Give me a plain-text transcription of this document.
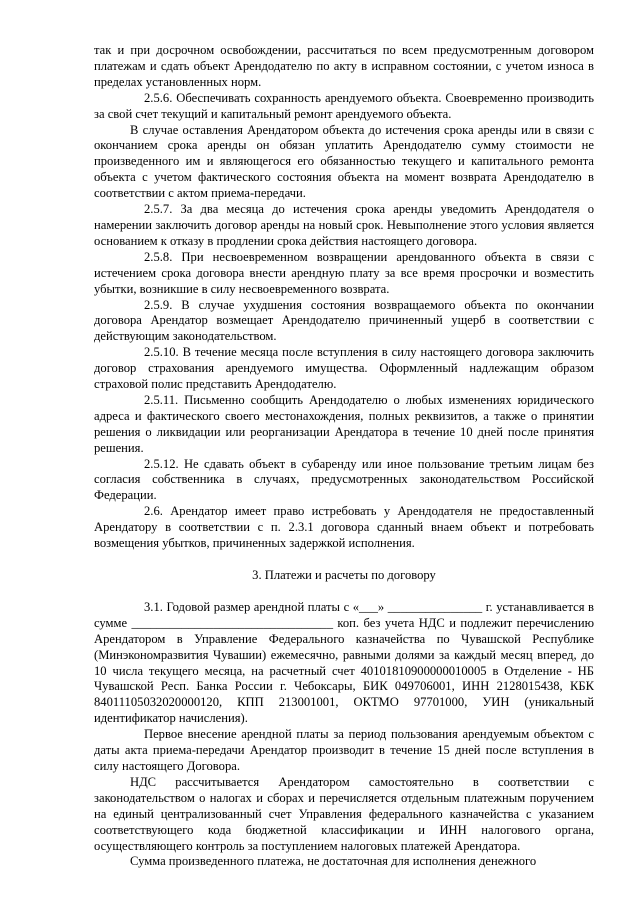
так и при досрочном освобождении, рассчитаться по всем предусмотренным договором платежам и сдать объект Арендодателю по акту в исправном состоянии, с учетом износа в пределах установленных норм.

2.5.6. Обеспечивать сохранность арендуемого объекта. Своевременно производить за свой счет текущий и капитальный ремонт арендуемого объекта.

В случае оставления Арендатором объекта до истечения срока аренды или в связи с окончанием срока аренды он обязан уплатить Арендодателю сумму стоимости не произведенного им и являющегося его обязанностью текущего и капитального ремонта объекта с учетом фактического состояния объекта на момент возврата Арендодателю в соответствии с актом приема-передачи.

2.5.7. За два месяца до истечения срока аренды уведомить Арендодателя о намерении заключить договор аренды на новый срок. Невыполнение этого условия является основанием к отказу в продлении срока действия настоящего договора.

2.5.8. При несвоевременном возвращении арендованного объекта в связи с истечением срока договора внести арендную плату за все время просрочки и возместить убытки, возникшие в силу несвоевременного возврата.

2.5.9. В случае ухудшения состояния возвращаемого объекта по окончании договора Арендатор возмещает Арендодателю причиненный ущерб в соответствии с действующим законодательством.

2.5.10. В течение месяца после вступления в силу настоящего договора заключить договор страхования арендуемого имущества. Оформленный надлежащим образом страховой полис представить Арендодателю.

2.5.11. Письменно сообщить Арендодателю о любых изменениях юридического адреса и фактического своего местонахождения, полных реквизитов, а также о принятии решения о ликвидации или реорганизации Арендатора в течение 10 дней после принятия решения.

2.5.12. Не сдавать объект в субаренду или иное пользование третьим лицам без согласия собственника в случаях, предусмотренных законодательством Российской Федерации.

2.6. Арендатор имеет право истребовать у Арендодателя не предоставленный Арендатору в соответствии с п. 2.3.1 договора сданный внаем объект и потребовать возмещения убытков, причиненных задержкой исполнения.

3. Платежи и расчеты по договору

3.1. Годовой размер арендной платы с «___» _______________ г. устанавливается в сумме ________________________________ коп. без учета НДС и подлежит перечислению Арендатором в Управление Федерального казначейства по Чувашской Республике (Минэкономразвития Чувашии) ежемесячно, равными долями за каждый месяц вперед, до 10 числа текущего месяца, на расчетный счет 40101810900000010005 в Отделение - НБ Чувашской Респ. Банка России г. Чебоксары, БИК 049706001, ИНН 2128015438, КБК 84011105032020000120, КПП 213001001, ОКТМО 97701000, УИН (уникальный идентификатор начисления).

Первое внесение арендной платы за период пользования арендуемым объектом с даты акта приема-передачи Арендатор производит в течение 15 дней после вступления в силу настоящего Договора.

НДС рассчитывается Арендатором самостоятельно в соответствии с законодательством о налогах и сборах и перечисляется отдельным платежным поручением на единый централизованный счет Управления федерального казначейства с указанием соответствующего кода бюджетной классификации и ИНН налогового органа, осуществляющего контроль за поступлением налоговых платежей Арендатора.

Сумма произведенного платежа, не достаточная для исполнения денежного
